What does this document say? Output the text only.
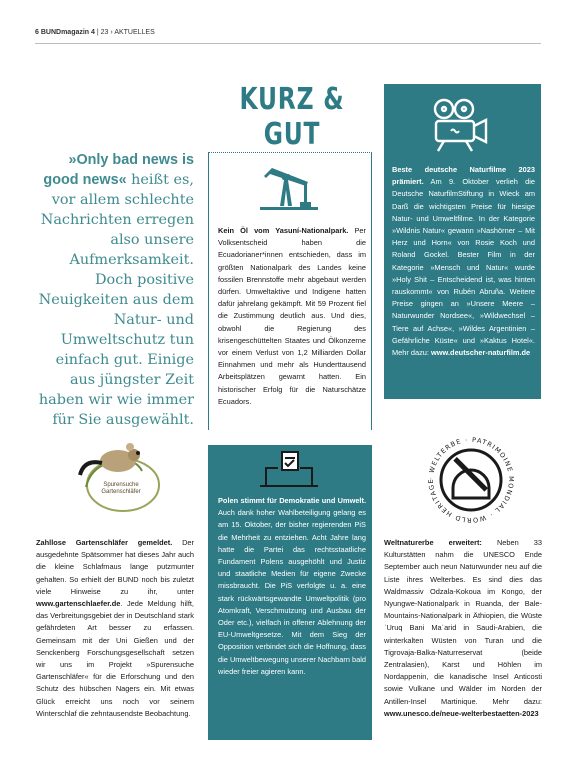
6 BUNDmagazin 4 | 23 › AKTUELLES
KURZ & GUT
»Only bad news is good news« heißt es, vor allem schlechte Nachrichten erregen also unsere Aufmerksamkeit. Doch positive Neuigkeiten aus dem Natur- und Umweltschutz tun einfach gut. Einige aus jüngster Zeit haben wir wie immer für Sie ausgewählt.
Kein Öl vom Yasuní-Nationalpark. Per Volksentscheid haben die Ecuadorianer*innen entschieden, dass im größten Nationalpark des Landes keine fossilen Brennstoffe mehr abgebaut werden dürfen. Umweltaktive und Indigene hatten dafür jahrelang gekämpft. Mit 59 Prozent fiel die Zustimmung deutlich aus. Und dies, obwohl die Regierung des krisengeschüttelten Staates und Ölkonzerne vor einem Verlust von 1,2 Milliarden Dollar Einnahmen und mehr als Hunderttausend Arbeitsplätzen gewarnt hatten. Ein historischer Erfolg für die Naturschätze Ecuadors.
Beste deutsche Naturfilme 2023 prämiert. Am 9. Oktober verlieh die Deutsche NaturfilmStiftung in Wieck am Darß die wichtigsten Preise für hiesige Natur- und Umweltfilme. In der Kategorie »Wildnis Natur« gewann »Nashörner – Mit Herz und Horn« von Rosie Koch und Roland Gockel. Bester Film in der Kategorie »Mensch und Natur« wurde »Holy Shit – Entscheidend ist, was hinten rauskommt« von Rubén Abruña. Weitere Preise gingen an »Unsere Meere – Naturwunder Nordsee«, »Wildwechsel – Tiere auf Achse«, »Wildes Argentinien – Gefährliche Küste« und »Kaktus Hotel«. Mehr dazu: www.deutscher-naturfilm.de
Polen stimmt für Demokratie und Umwelt. Auch dank hoher Wahlbeteiligung gelang es am 15. Oktober, der bisher regierenden PiS die Mehrheit zu entziehen. Acht Jahre lang hatte die Partei das rechtsstaatliche Fundament Polens ausgehöhlt und Justiz und staatliche Medien für eigene Zwecke missbraucht. Die PiS verfolgte u. a. eine stark rückwärtsgewandte Umweltpolitik (pro Atomkraft, Verschmutzung und Ausbau der Oder etc.), vielfach in offener Ablehnung der EU-Umweltgesetze. Mit dem Sieg der Opposition verbindet sich die Hoffnung, dass die Umweltbewegung unserer Nachbarn bald wieder freier agieren kann.
Spurensuche
Gartenschläfer
Zahllose Gartenschläfer gemeldet. Der ausgedehnte Spätsommer hat dieses Jahr auch die kleine Schlafmaus lange putzmunter gehalten. So erhielt der BUND noch bis zuletzt viele Hinweise zu ihr, unter www.gartenschlaefer.de. Jede Meldung hilft, das Verbreitungsgebiet der in Deutschland stark gefährdeten Art besser zu erfassen. Gemeinsam mit der Uni Gießen und der Senckenberg Forschungsgesellschaft setzen wir uns im Projekt »Spurensuche Gartenschläfer« für die Erforschung und den Schutz des hübschen Nagers ein. Mit etwas Glück erreicht uns noch vor seinem Winterschlaf die zehntausendste Beobachtung.
· WELTERBE · PATRIMOINE MONDIAL · WORLD HERITAGE
Weltnaturerbe erweitert: Neben 33 Kulturstätten nahm die UNESCO Ende September auch neun Naturwunder neu auf die Liste ihres Welterbes. Es sind dies das Waldmassiv Odzala-Kokoua im Kongo, der Nyungwe-Nationalpark in Ruanda, der Bale-Mountains-Nationalpark in Äthiopien, die Wüste ʿUruq Bani Maʿarid in Saudi-Arabien, die winterkalten Wüsten von Turan und die Tigrovaja-Balka-Naturreservat (beide Zentralasien), Karst und Höhlen im Nordappenin, die kanadische Insel Anticosti sowie Vulkane und Wälder im Norden der Antillen-Insel Martinique. Mehr dazu: www.unesco.de/neue-welterbestaetten-2023
